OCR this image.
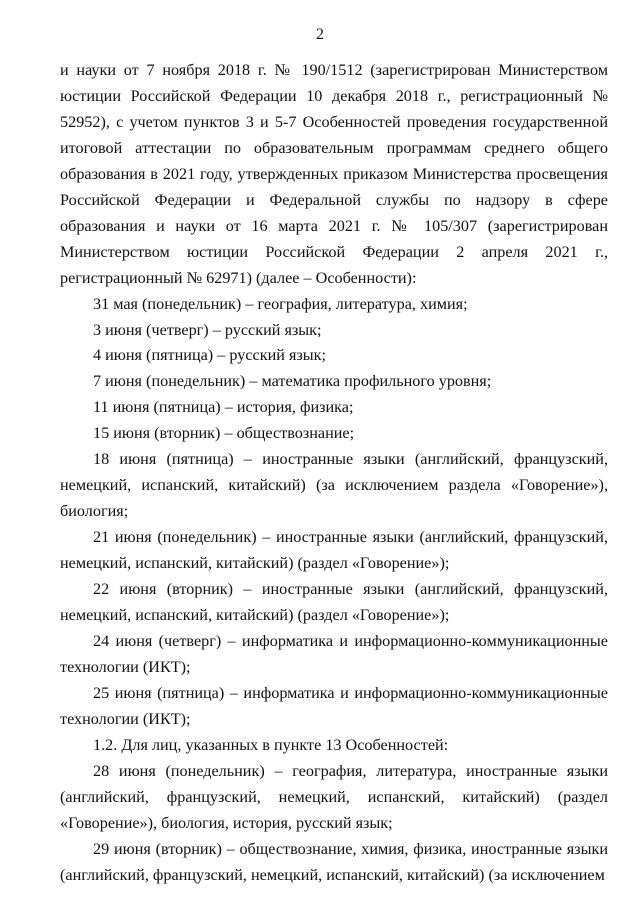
2

и науки от 7 ноября 2018 г. № 190/1512 (зарегистрирован Министерством юстиции Российской Федерации 10 декабря 2018 г., регистрационный № 52952), с учетом пунктов 3 и 5-7 Особенностей проведения государственной итоговой аттестации по образовательным программам среднего общего образования в 2021 году, утвержденных приказом Министерства просвещения Российской Федерации и Федеральной службы по надзору в сфере образования и науки от 16 марта 2021 г. № 105/307 (зарегистрирован Министерством юстиции Российской Федерации 2 апреля 2021 г., регистрационный № 62971) (далее – Особенности):

31 мая (понедельник) – география, литература, химия;

3 июня (четверг) – русский язык;

4 июня (пятница) – русский язык;

7 июня (понедельник) – математика профильного уровня;

11 июня (пятница) – история, физика;

15 июня (вторник) – обществознание;

18 июня (пятница) – иностранные языки (английский, французский, немецкий, испанский, китайский) (за исключением раздела «Говорение»), биология;

21 июня (понедельник) – иностранные языки (английский, французский, немецкий, испанский, китайский) (раздел «Говорение»);

22 июня (вторник) – иностранные языки (английский, французский, немецкий, испанский, китайский) (раздел «Говорение»);

24 июня (четверг) – информатика и информационно-коммуникационные технологии (ИКТ);

25 июня (пятница) – информатика и информационно-коммуникационные технологии (ИКТ);

1.2. Для лиц, указанных в пункте 13 Особенностей:

28 июня (понедельник) – география, литература, иностранные языки (английский, французский, немецкий, испанский, китайский) (раздел «Говорение»), биология, история, русский язык;

29 июня (вторник) – обществознание, химия, физика, иностранные языки (английский, французский, немецкий, испанский, китайский) (за исключением
